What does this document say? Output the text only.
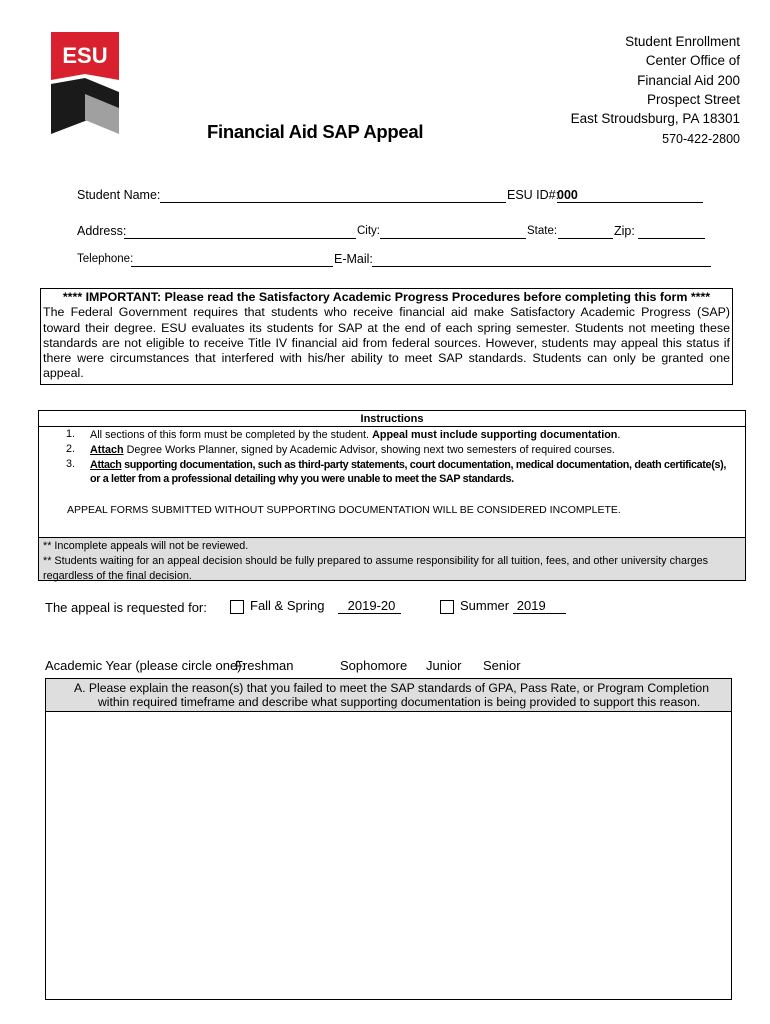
ESU
Student Enrollment
Center Office of
Financial Aid 200
Prospect Street
East Stroudsburg, PA 18301
570-422-2800
Financial Aid SAP Appeal
Student Name:	ESU ID#:
000
Address:	City:	State:	Zip:
Telephone:	E-Mail:
**** IMPORTANT: Please read the Satisfactory Academic Progress Procedures before completing this form ****
The Federal Government requires that students who receive financial aid make Satisfactory Academic Progress (SAP) toward their degree. ESU evaluates its students for SAP at the end of each spring semester. Students not meeting these standards are not eligible to receive Title IV financial aid from federal sources. However, students may appeal this status if there were circumstances that interfered with his/her ability to meet SAP standards. Students can only be granted one appeal.
Instructions
1. All sections of this form must be completed by the student. Appeal must include supporting documentation.
2. Attach Degree Works Planner, signed by Academic Advisor, showing next two semesters of required courses.
3. Attach supporting documentation, such as third-party statements, court documentation, medical documentation, death certificate(s), or a letter from a professional detailing why you were unable to meet the SAP standards.
APPEAL FORMS SUBMITTED WITHOUT SUPPORTING DOCUMENTATION WILL BE CONSIDERED INCOMPLETE.
** Incomplete appeals will not be reviewed.
** Students waiting for an appeal decision should be fully prepared to assume responsibility for all tuition, fees, and other university charges regardless of the final decision.
The appeal is requested for:	Fall & Spring 2019-20	Summer 2019
Academic Year (please circle one):
Freshman	Sophomore Junior Senior
A. Please explain the reason(s) that you failed to meet the SAP standards of GPA, Pass Rate, or Program Completion
within required timeframe and describe what supporting documentation is being provided to support this reason.
